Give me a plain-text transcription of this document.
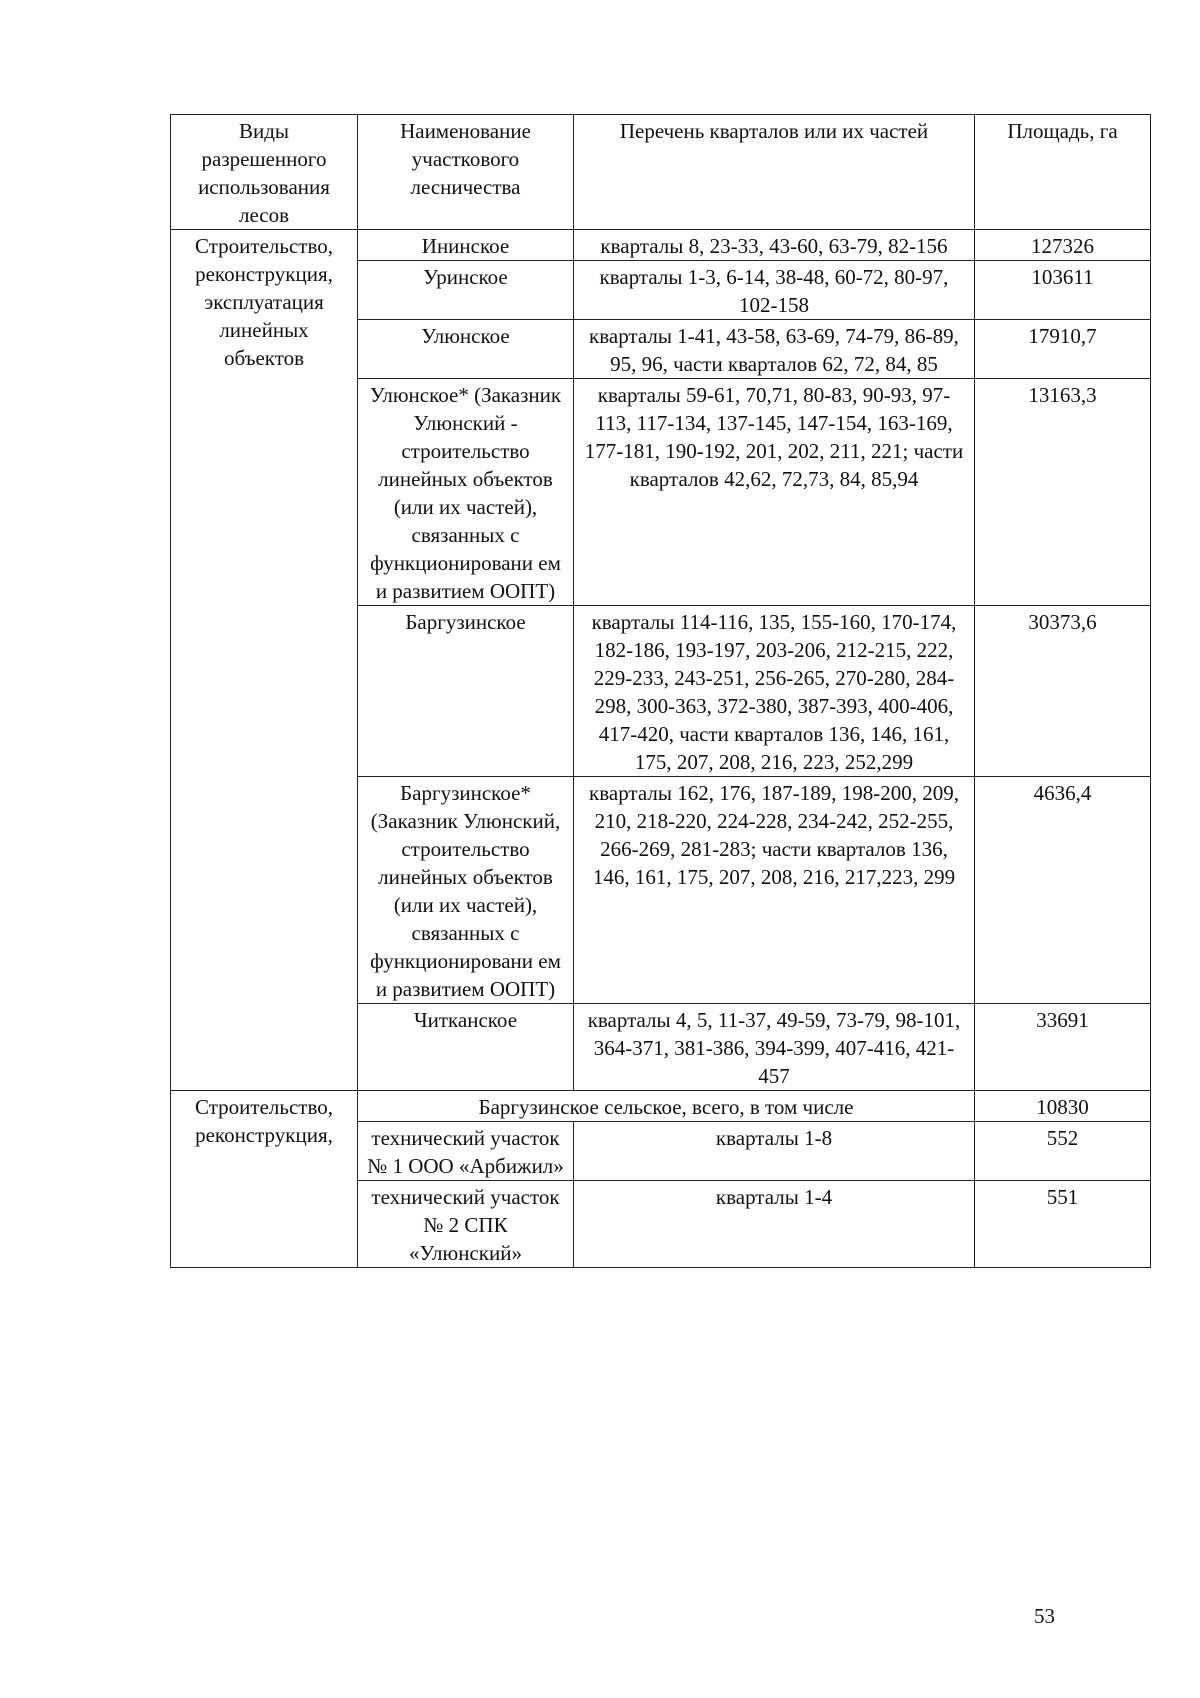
Виды разрешенного использования лесов	Наименование участкового лесничества	Перечень кварталов или их частей	Площадь, га
Строительство, реконструкция, эксплуатация линейных объектов	Ининское	кварталы 8, 23-33, 43-60, 63-79, 82-156	127326
	Уринское	кварталы 1-3, 6-14, 38-48, 60-72, 80-97, 102-158	103611
	Улюнское	кварталы 1-41, 43-58, 63-69, 74-79, 86-89, 95, 96, части кварталов 62, 72, 84, 85	17910,7
	Улюнское* (Заказник Улюнский - строительство линейных объектов (или их частей), связанных с функционировани ем и развитием ООПТ)	кварталы 59-61, 70,71, 80-83, 90-93, 97-113, 117-134, 137-145, 147-154, 163-169, 177-181, 190-192, 201, 202, 211, 221; части кварталов 42,62, 72,73, 84, 85,94	13163,3
	Баргузинское	кварталы 114-116, 135, 155-160, 170-174, 182-186, 193-197, 203-206, 212-215, 222, 229-233, 243-251, 256-265, 270-280, 284-298, 300-363, 372-380, 387-393, 400-406, 417-420, части кварталов 136, 146, 161, 175, 207, 208, 216, 223, 252,299	30373,6
	Баргузинское* (Заказник Улюнский, строительство линейных объектов (или их частей), связанных с функционировани ем и развитием ООПТ)	кварталы 162, 176, 187-189, 198-200, 209, 210, 218-220, 224-228, 234-242, 252-255, 266-269, 281-283; части кварталов 136, 146, 161, 175, 207, 208, 216, 217,223, 299	4636,4
	Читканское	кварталы 4, 5, 11-37, 49-59, 73-79, 98-101, 364-371, 381-386, 394-399, 407-416, 421-457	33691
Строительство, реконструкция,	Баргузинское сельское, всего, в том числе		10830
	технический участок № 1 ООО «Арбижил»	кварталы 1-8	552
	технический участок № 2 СПК «Улюнский»	кварталы 1-4	551
53
